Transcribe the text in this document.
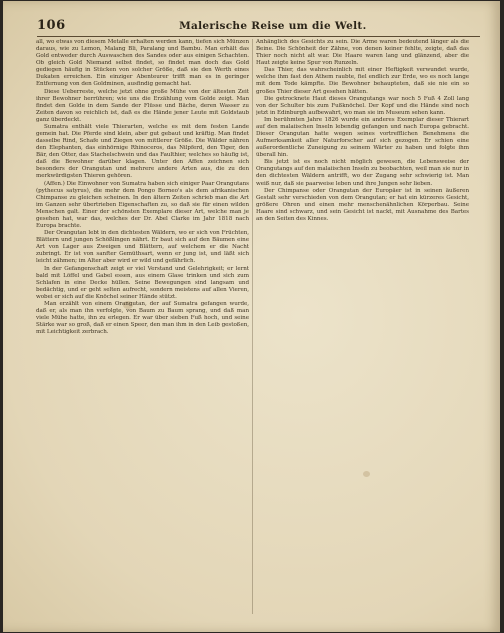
106	Malerische Reise um die Welt.

all, wo etwas von diesem Metalle erhalten werden kann, tiefen sich Münzen daraus, wie zu Lemon, Malang Bli, Paralang und Bambu. Man erhält das Gold entweder durch Auswaschen des Sandes oder aus einigen Schachten. Ob gleich Gold Niemand selbst findet, so findet man doch das Gold gediegen häufig in Stücken von solcher Größe, daß sie den Werth eines Dukaten erreichen. Ein einziger Abenteurer trifft man es in geringer Entfernung von den Goldminen, ausfindig gemacht hat.

Diese Ueberreste, welche jetzt ohne große Mühe von der ältesten Zeit ihrer Bewohner herrühren; wie uns die Erzählung vom Golde zeigt. Man findet den Golde in dem Sande der Flüsse und Bäche, deren Wasser zu Zeiten davon so reichlich ist, daß es die Hände jener Leute mit Goldstaub ganz überdeckt.

Sumatra enthält viele Thierarten, welche es mit dem festen Lande gemein hat. Die Pferde sind klein, aber gut gebaut und kräftig. Man findet dasselbe Rind, Schafe und Ziegen von mittlerer Größe. Die Wälder nähren den Elephanten, das einhörnige Rhinoceros, das Nilpferd, den Tiger, den Bär, den Otter, das Stachelschwein und das Faulthier, welches so häufig ist, daß die Bewohner darüber klagen. Unter den Affen zeichnen sich besonders der Orangutan und mehrere andere Arten aus, die zu den merkwürdigsten Thieren gehören.

(Affen.) Die Einwohner von Sumatra haben sich einiger Paar Orangutans (pythecus satyrus), die mehr dem Pongo Borneo's als dem afrikanischen Chimpanse zu gleichen scheinen. In den ältern Zeiten schrieb man die Art im Ganzen sehr übertrieben Eigenschaften zu, so daß sie für einen wilden Menschen galt. Einer der schönsten Exemplare dieser Art, welche man je gesehen hat, war das, welches der Dr. Abel Clarke im Jahr 1818 nach Europa brachte.

Der Orangutan lebt in den dichtesten Wäldern, wo er sich von Früchten, Blättern und jungen Schößlingen nährt. Er baut sich auf den Bäumen eine Art von Lager aus Zweigen und Blättern, auf welchem er die Nacht zubringt. Er ist von sanfter Gemüthsart, wenn er jung ist, und läßt sich leicht zähmen; im Alter aber wird er wild und gefährlich.

In der Gefangenschaft zeigt er viel Verstand und Gelehrigkeit; er lernt bald mit Löffel und Gabel essen, aus einem Glase trinken und sich zum Schlafen in eine Decke hüllen. Seine Bewegungen sind langsam und bedächtig, und er geht selten aufrecht, sondern meistens auf allen Vieren, wobei er sich auf die Knöchel seiner Hände stützt.

Man erzählt von einem Orangutan, der auf Sumatra gefangen wurde, daß er, als man ihn verfolgte, von Baum zu Baum sprang, und daß man viele Mühe hatte, ihn zu erlegen. Er war über sieben Fuß hoch, und seine Stärke war so groß, daß er einen Speer, den man ihm in den Leib gestoßen, mit Leichtigkeit zerbrach.

Anhänglich des Gesichts zu sein. Die Arme waren bedeutend länger als die Beine. Die Schönheit der Zähne, von denen keiner fehlte, zeigte, daß das Thier noch nicht alt war. Die Haare waren lang und glänzend, aber die Haut zeigte keine Spur von Runzeln.

Das Thier, das wahrscheinlich mit einer Heftigkeit verwundet wurde, welche ihm fast den Athem raubte, fiel endlich zur Erde, wo es noch lange mit dem Tode kämpfte. Die Bewohner behaupteten, daß sie nie ein so großes Thier dieser Art gesehen hätten.

Die getrocknete Haut dieses Orangutangs war noch 5 Fuß 4 Zoll lang von der Schulter bis zum Fußknöchel. Der Kopf und die Hände sind noch jetzt in Edinburgh aufbewahrt, wo man sie im Museum sehen kann.

Im berühmten Jahre 1826 wurde ein anderes Exemplar dieser Thierart auf den malaiischen Inseln lebendig gefangen und nach Europa gebracht. Dieser Orangutan hatte wegen seines vortrefflichen Benehmens die Aufmerksamkeit aller Naturforscher auf sich gezogen. Er schien eine außerordentliche Zuneigung zu seinem Wärter zu haben und folgte ihm überall hin.

Bis jetzt ist es noch nicht möglich gewesen, die Lebensweise der Orangutangs auf den malaiischen Inseln zu beobachten, weil man sie nur in den dichtesten Wäldern antrifft, wo der Zugang sehr schwierig ist. Man weiß nur, daß sie paarweise leben und ihre Jungen sehr lieben.

Der Chimpanse oder Orangutan der Europäer ist in seinen äußeren Gestalt sehr verschieden von dem Orangutan; er hat ein kürzeres Gesicht, größere Ohren und einen mehr menschenähnlichen Körperbau. Seine Haare sind schwarz, und sein Gesicht ist nackt, mit Ausnahme des Bartes an den Seiten des Kinnes.
